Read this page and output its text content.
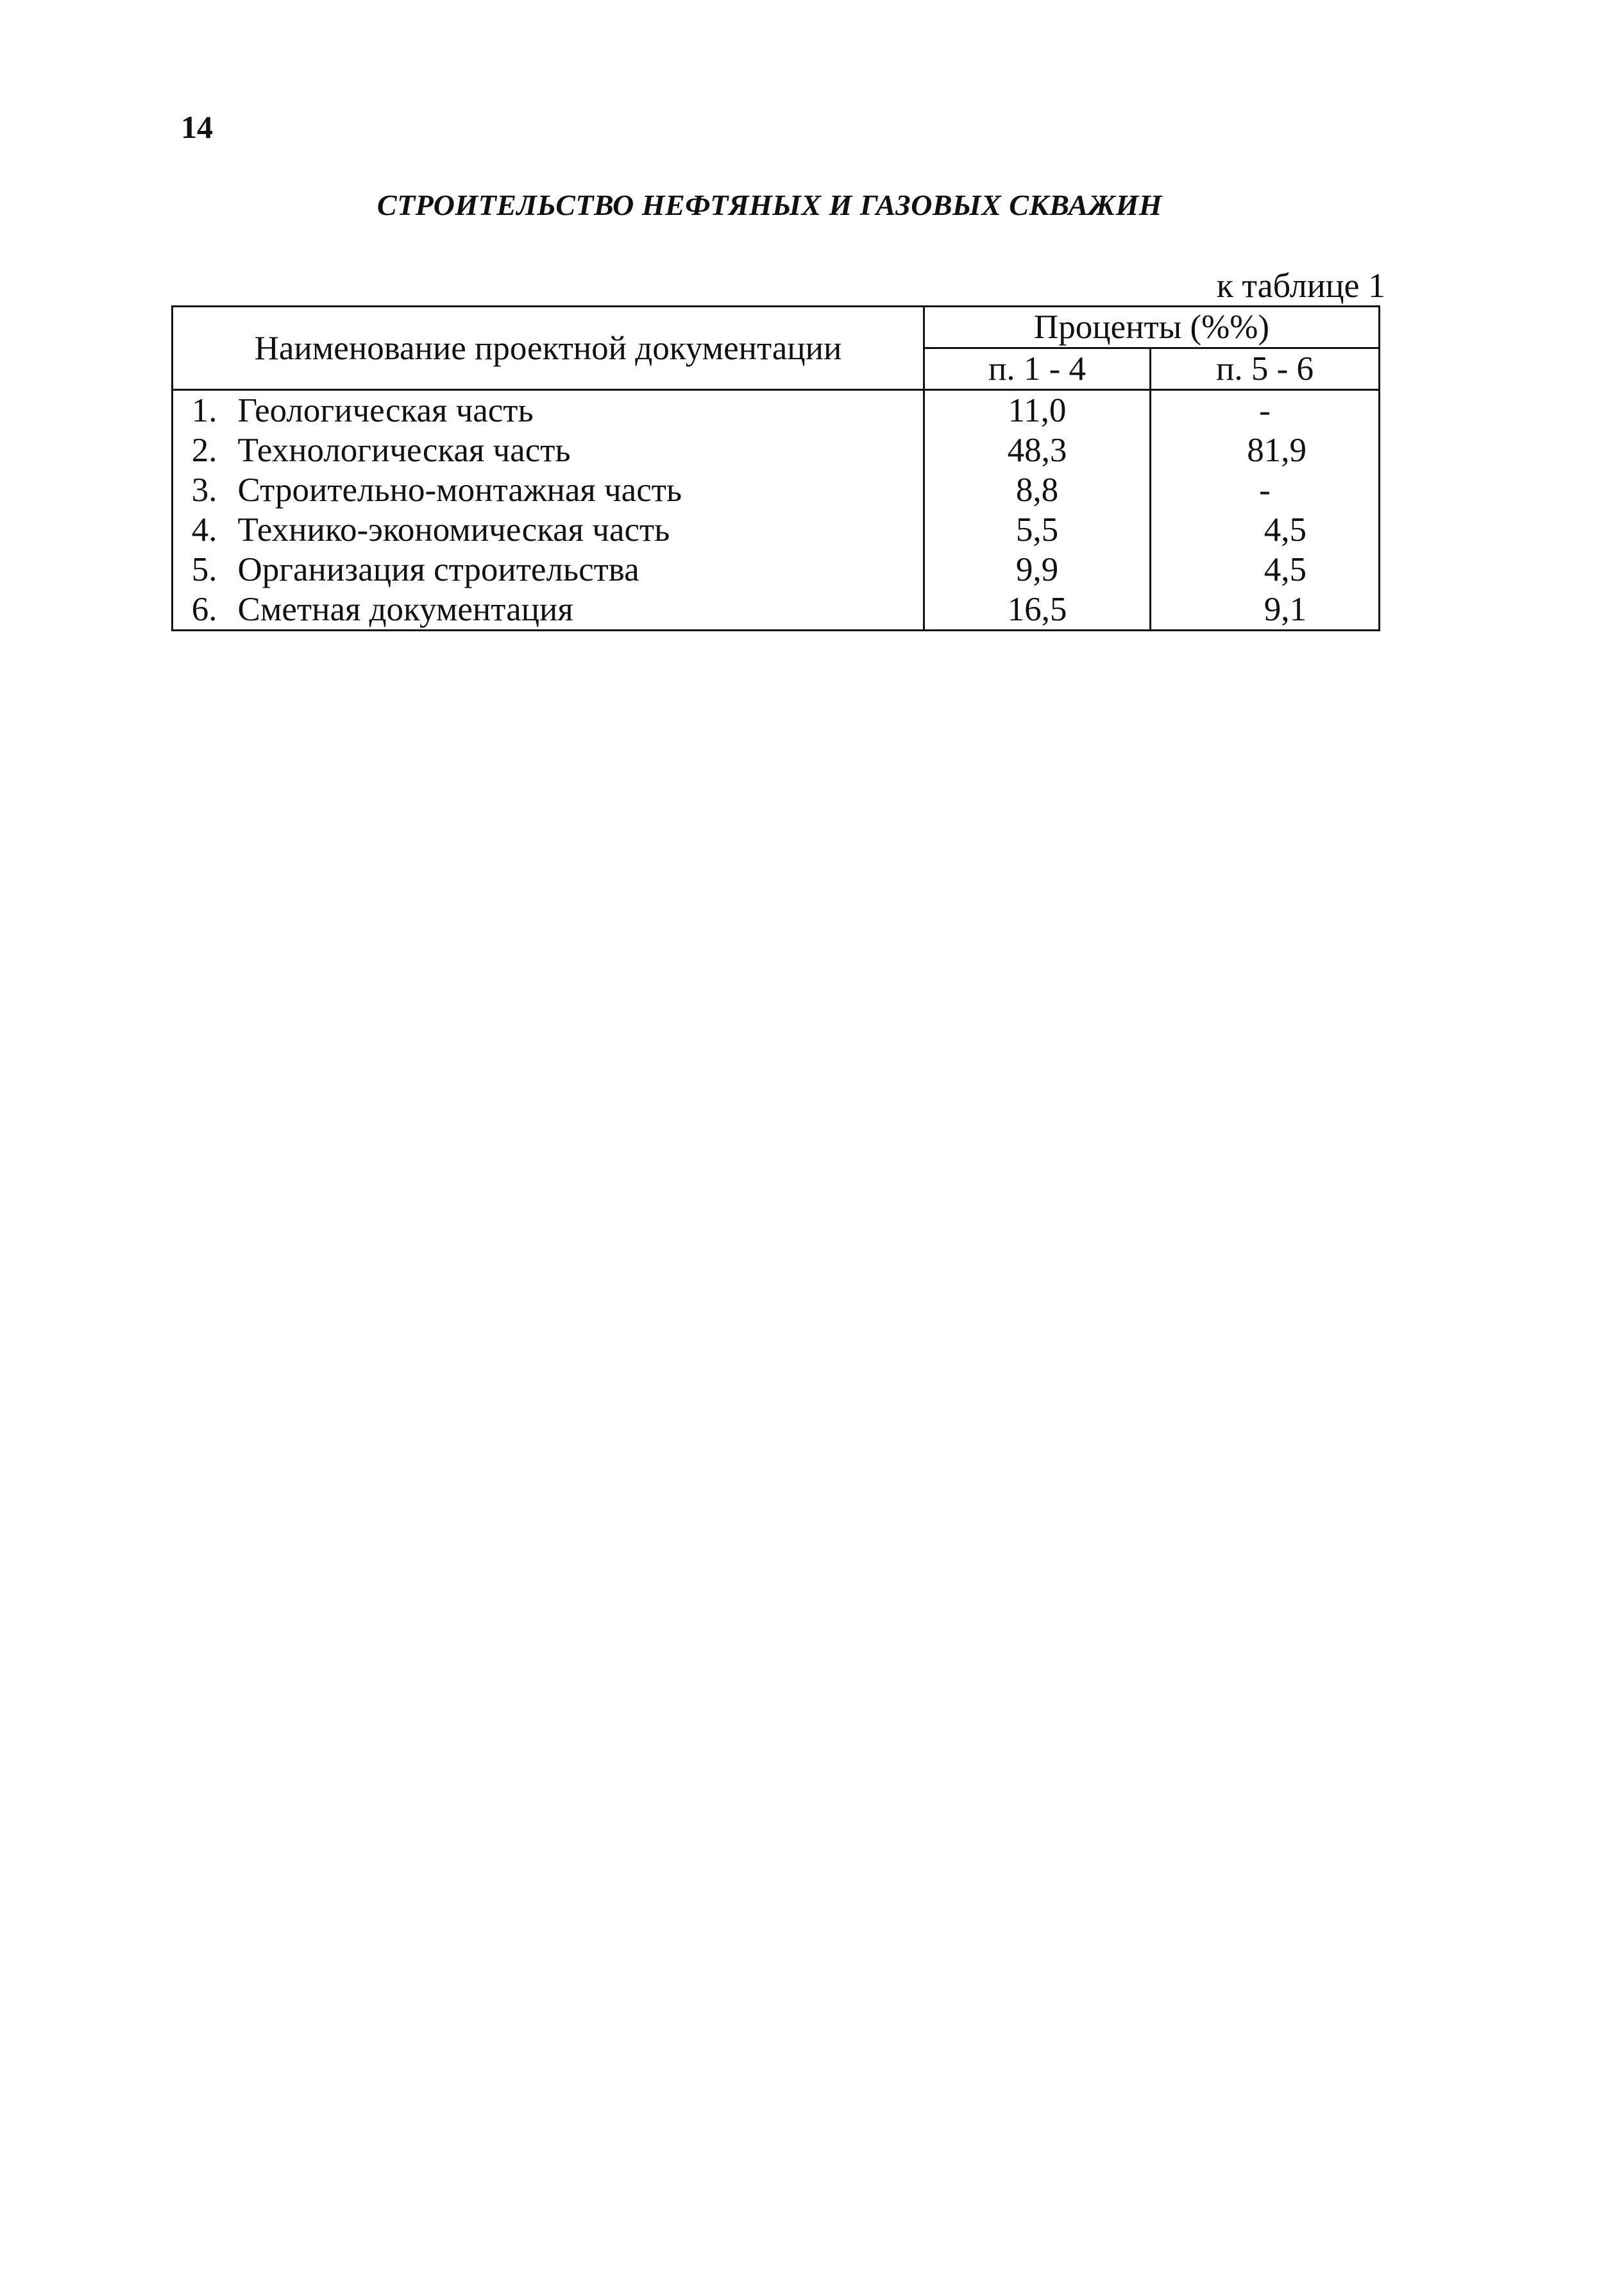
14
СТРОИТЕЛЬСТВО НЕФТЯНЫХ И ГАЗОВЫХ СКВАЖИН
к таблице 1
Наименование проектной документации		Проценты (%%)	
		п. 1 - 4	п. 5 - 6
1.	Геологическая часть	11,0	-
2.	Технологическая часть	48,3	81,9
3.	Строительно-монтажная часть	8,8	-
4.	Технико-экономическая часть	5,5	4,5
5.	Организация строительства	9,9	4,5
6.	Сметная документация	16,5	9,1
